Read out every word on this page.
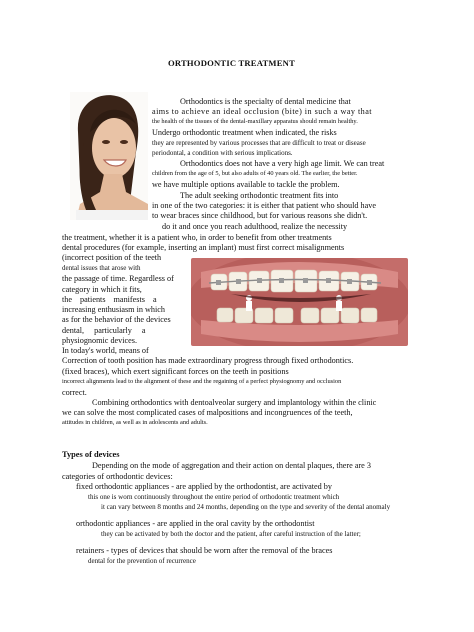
ORTHODONTIC TREATMENT
Orthodontics is the specialty of dental medicine that
aims to achieve an ideal occlusion (bite) in such a way that
the health of the tissues of the dental-maxillary apparatus should remain healthy.
Undergo orthodontic treatment when indicated, the risks
they are represented by various processes that are difficult to treat or disease
periodontal, a condition with serious implications.
Orthodontics does not have a very high age limit. We can treat
children from the age of 5, but also adults of 40 years old. The earlier, the better.
we have multiple options available to tackle the problem.
The adult seeking orthodontic treatment fits into
in one of the two categories: it is either that patient who should have
to wear braces since childhood, but for various reasons she didn't.
do it and once you reach adulthood, realize the necessity
the treatment, whether it is a patient who, in order to benefit from other treatments
dental procedures (for example, inserting an implant) must first correct misalignments
(incorrect position of the teeth
dental issues that arose with
the passage of time. Regardless of
category in which it fits,
the patients manifests a
increasing enthusiasm in which
as for the behavior of the devices
dental, particularly a
physiognomic devices.
In today's world, means of
Correction of tooth position has made extraordinary progress through fixed orthodontics.
(fixed braces), which exert significant forces on the teeth in positions
incorrect alignments lead to the alignment of these and the regaining of a perfect physiognomy and occlusion
correct.
Combining orthodontics with dentoalveolar surgery and implantology within the clinic
we can solve the most complicated cases of malpositions and incongruences of the teeth,
attitudes in children, as well as in adolescents and adults.
Types of devices
Depending on the mode of aggregation and their action on dental plaques, there are 3
categories of orthodontic devices:
fixed orthodontic appliances - are applied by the orthodontist, are activated by
this one is worn continuously throughout the entire period of orthodontic treatment which
it can vary between 8 months and 24 months, depending on the type and severity of the dental anomaly
orthodontic appliances - are applied in the oral cavity by the orthodontist
they can be activated by both the doctor and the patient, after careful instruction of the latter;
retainers - types of devices that should be worn after the removal of the braces
dental for the prevention of recurrence
